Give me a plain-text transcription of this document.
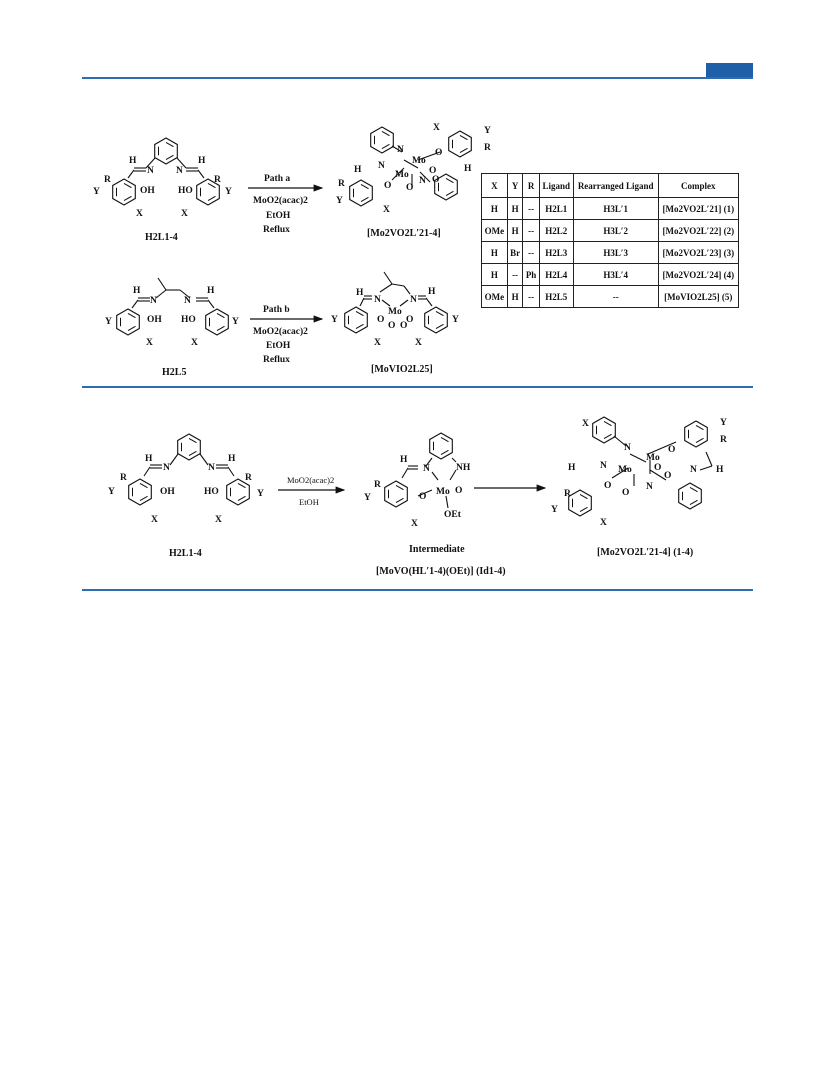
H	H
N N
R	R
Y	Y
OH HO
X	X
H2L1-4
Path a
MoO2(acac)2
EtOH
Reflux
X	Y
R
N	O
Mo
Mo
N
H	O	H
N O
O O
R
Y
X
[Mo2VO2L′21-4]
H	H
N	N
Y	Y
OH HO
X	X
H2L5
Path b
MoO2(acac)2
EtOH
Reflux
H	H
N	N
Mo
O O
O O
Y	Y
X	X
[MoVIO2L25]
H	H
N	N
R	R
Y	Y
OH	HO
X	X
H2L1-4
MoO2(acac)2
EtOH
H
N	NH
R
Y
Mo O
O
OEt
X
Intermediate
[MoVO(HL′1-4)(OEt)] (Id1-4)
X	Y
R
N	O
Mo
H	N Mo O
O
N H
O	N
O
R
Y
X
[Mo2VO2L′21-4] (1-4)
X	Y	R	Ligand	Rearranged Ligand	Complex
H	H	--	H2L1	H3L′1	[Mo2VO2L′21] (1)
OMe	H	--	H2L2	H3L′2	[Mo2VO2L′22] (2)
H	Br	--	H2L3	H3L′3	[Mo2VO2L′23] (3)
H	--	Ph	H2L4	H3L′4	[Mo2VO2L′24] (4)
OMe	H	--	H2L5	--	[MoVIO2L25] (5)
